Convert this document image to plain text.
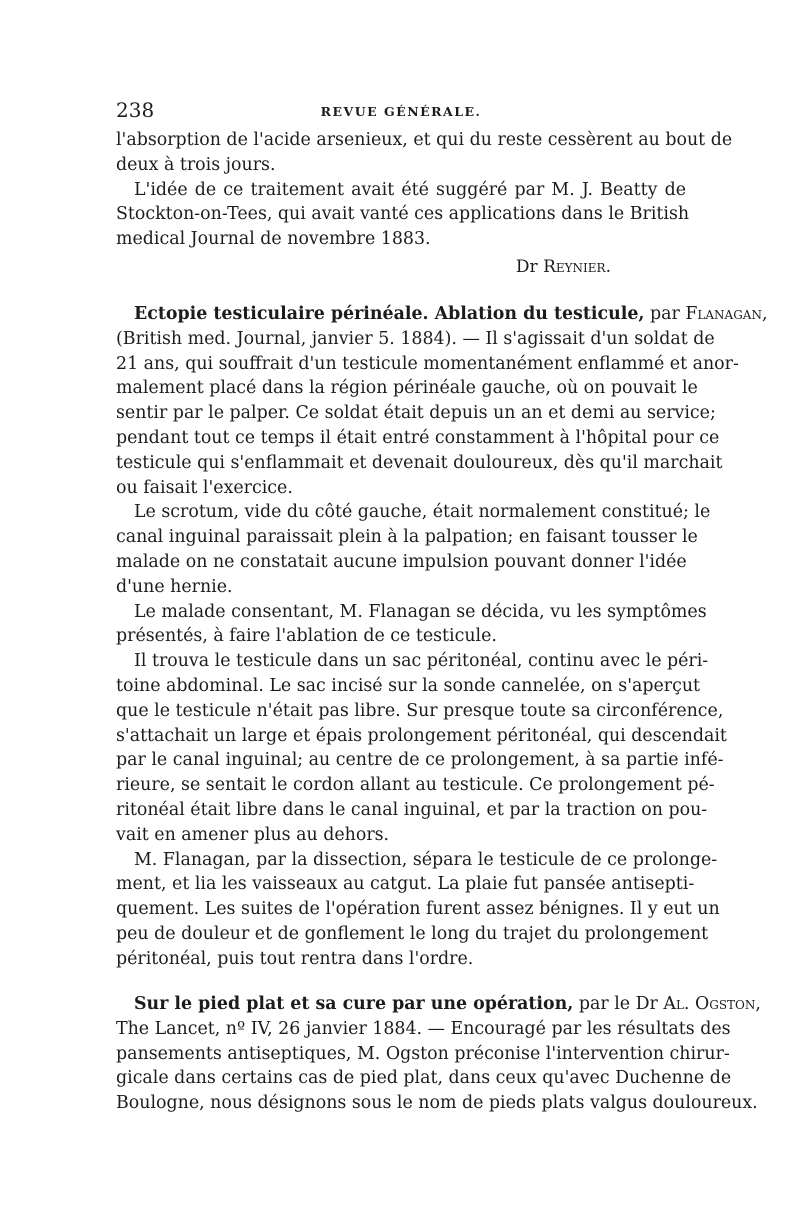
238	REVUE GÉNÉRALE.
l'absorption de l'acide arsenieux, et qui du reste cessèrent au bout de
deux à trois jours.
L'idée de ce traitement avait été suggéré par M. J. Beatty de
Stockton-on-Tees, qui avait vanté ces applications dans le British
medical Journal de novembre 1883.
Dr Reynier.
Ectopie testiculaire périnéale. Ablation du testicule, par Flanagan,
(British med. Journal, janvier 5. 1884). — Il s'agissait d'un soldat de
21 ans, qui souffrait d'un testicule momentanément enflammé et anor-
malement placé dans la région périnéale gauche, où on pouvait le
sentir par le palper. Ce soldat était depuis un an et demi au service;
pendant tout ce temps il était entré constamment à l'hôpital pour ce
testicule qui s'enflammait et devenait douloureux, dès qu'il marchait
ou faisait l'exercice.
Le scrotum, vide du côté gauche, était normalement constitué; le
canal inguinal paraissait plein à la palpation; en faisant tousser le
malade on ne constatait aucune impulsion pouvant donner l'idée
d'une hernie.
Le malade consentant, M. Flanagan se décida, vu les symptômes
présentés, à faire l'ablation de ce testicule.
Il trouva le testicule dans un sac péritonéal, continu avec le péri-
toine abdominal. Le sac incisé sur la sonde cannelée, on s'aperçut
que le testicule n'était pas libre. Sur presque toute sa circonférence,
s'attachait un large et épais prolongement péritonéal, qui descendait
par le canal inguinal; au centre de ce prolongement, à sa partie infé-
rieure, se sentait le cordon allant au testicule. Ce prolongement pé-
ritonéal était libre dans le canal inguinal, et par la traction on pou-
vait en amener plus au dehors.
M. Flanagan, par la dissection, sépara le testicule de ce prolonge-
ment, et lia les vaisseaux au catgut. La plaie fut pansée antisepti-
quement. Les suites de l'opération furent assez bénignes. Il y eut un
peu de douleur et de gonflement le long du trajet du prolongement
péritonéal, puis tout rentra dans l'ordre.
Sur le pied plat et sa cure par une opération, par le Dr Al. Ogston,
The Lancet, nº IV, 26 janvier 1884. — Encouragé par les résultats des
pansements antiseptiques, M. Ogston préconise l'intervention chirur-
gicale dans certains cas de pied plat, dans ceux qu'avec Duchenne de
Boulogne, nous désignons sous le nom de pieds plats valgus douloureux.
